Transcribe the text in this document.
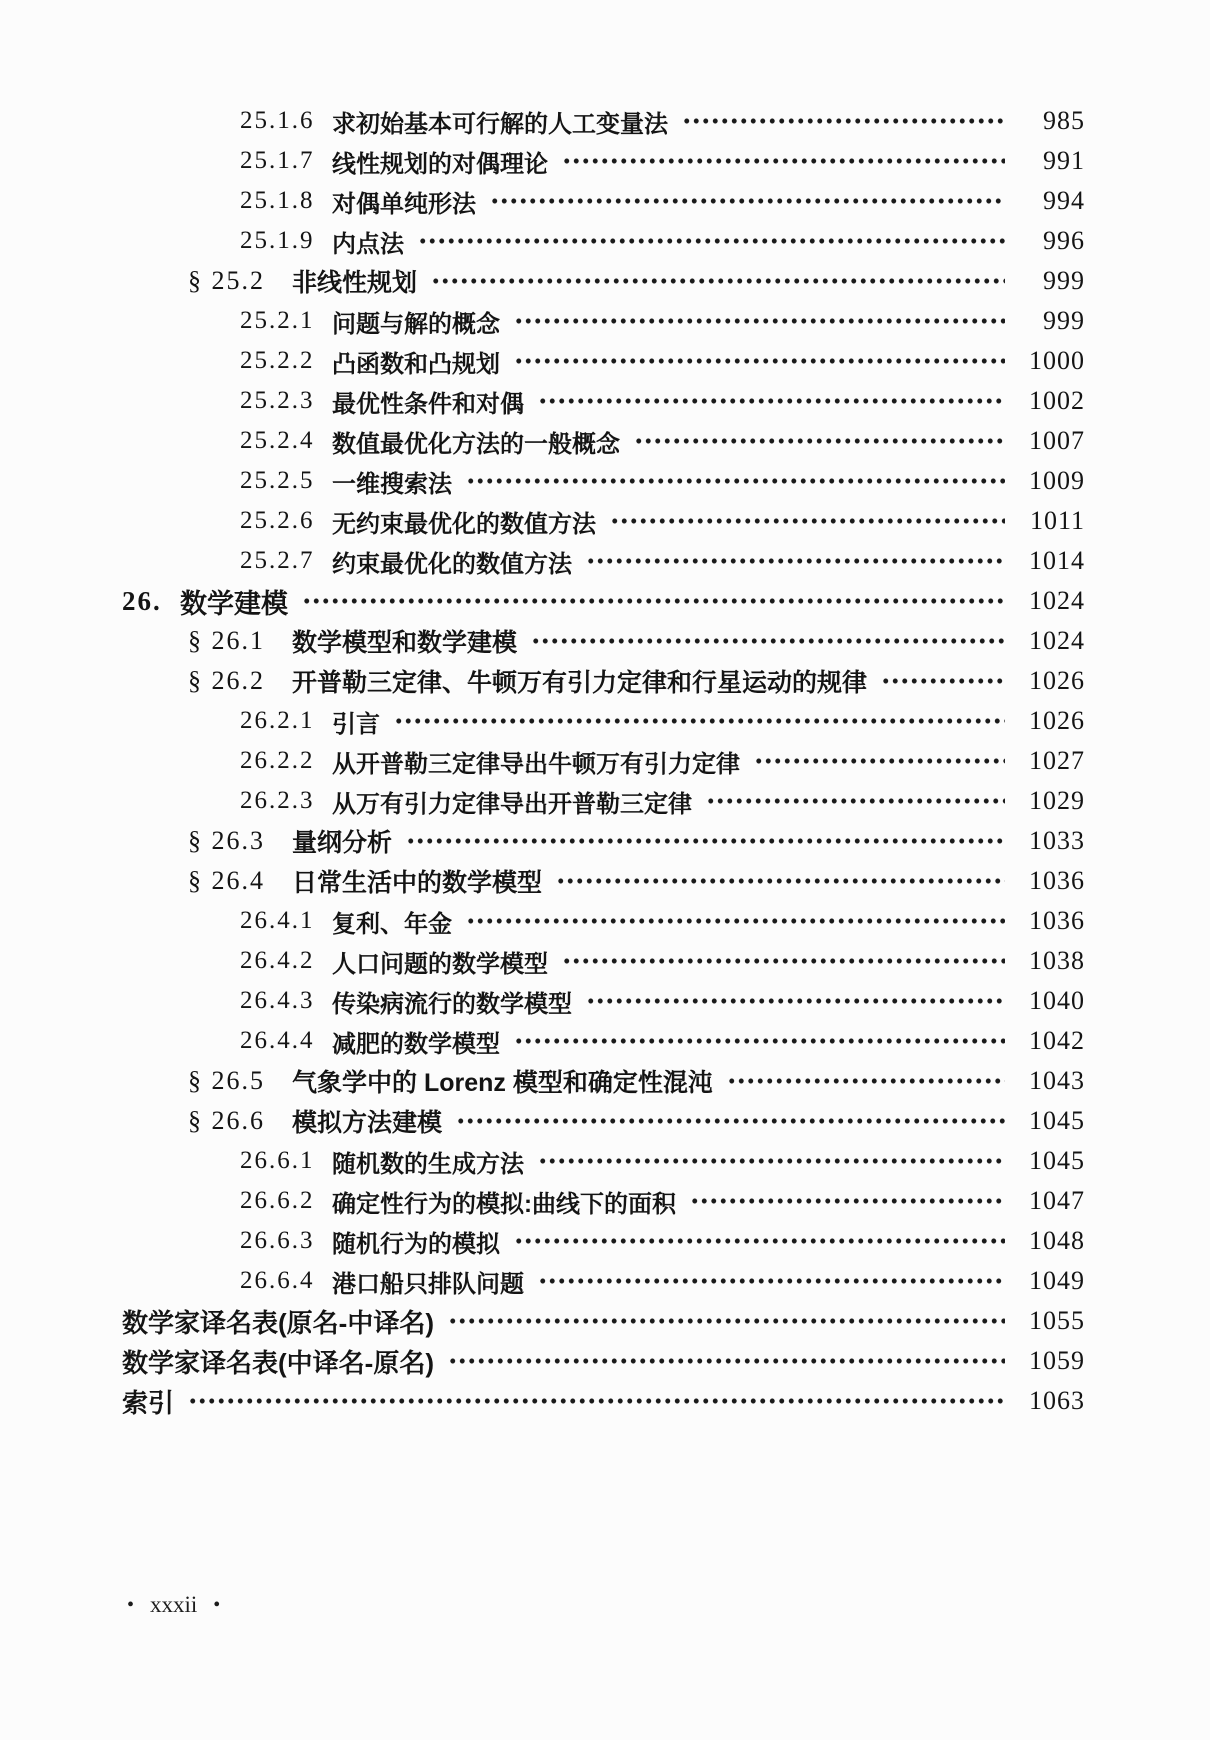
25.1.6 求初始基本可行解的人工变量法	985
25.1.7 线性规划的对偶理论	991
25.1.8 对偶单纯形法	994
25.1.9 内点法	996
§ 25.2	非线性规划	999
25.2.1 问题与解的概念	999
25.2.2 凸函数和凸规划	1000
25.2.3 最优性条件和对偶	1002
25.2.4 数值最优化方法的一般概念	1007
25.2.5 一维搜索法	1009
25.2.6 无约束最优化的数值方法	1011
25.2.7 约束最优化的数值方法	1014
26. 数学建模	1024
§ 26.1	数学模型和数学建模	1024
§ 26.2	开普勒三定律、牛顿万有引力定律和行星运动的规律	1026
26.2.1 引言	1026
26.2.2 从开普勒三定律导出牛顿万有引力定律	1027
26.2.3 从万有引力定律导出开普勒三定律	1029
§ 26.3	量纲分析	1033
§ 26.4	日常生活中的数学模型	1036
26.4.1 复利、年金	1036
26.4.2 人口问题的数学模型	1038
26.4.3 传染病流行的数学模型	1040
26.4.4 减肥的数学模型	1042
§ 26.5	气象学中的 Lorenz 模型和确定性混沌	1043
§ 26.6	模拟方法建模	1045
26.6.1 随机数的生成方法	1045
26.6.2 确定性行为的模拟:曲线下的面积	1047
26.6.3 随机行为的模拟	1048
26.6.4 港口船只排队问题	1049
数学家译名表(原名-中译名)	1055
数学家译名表(中译名-原名)	1059
索引	1063
• xxxii •
